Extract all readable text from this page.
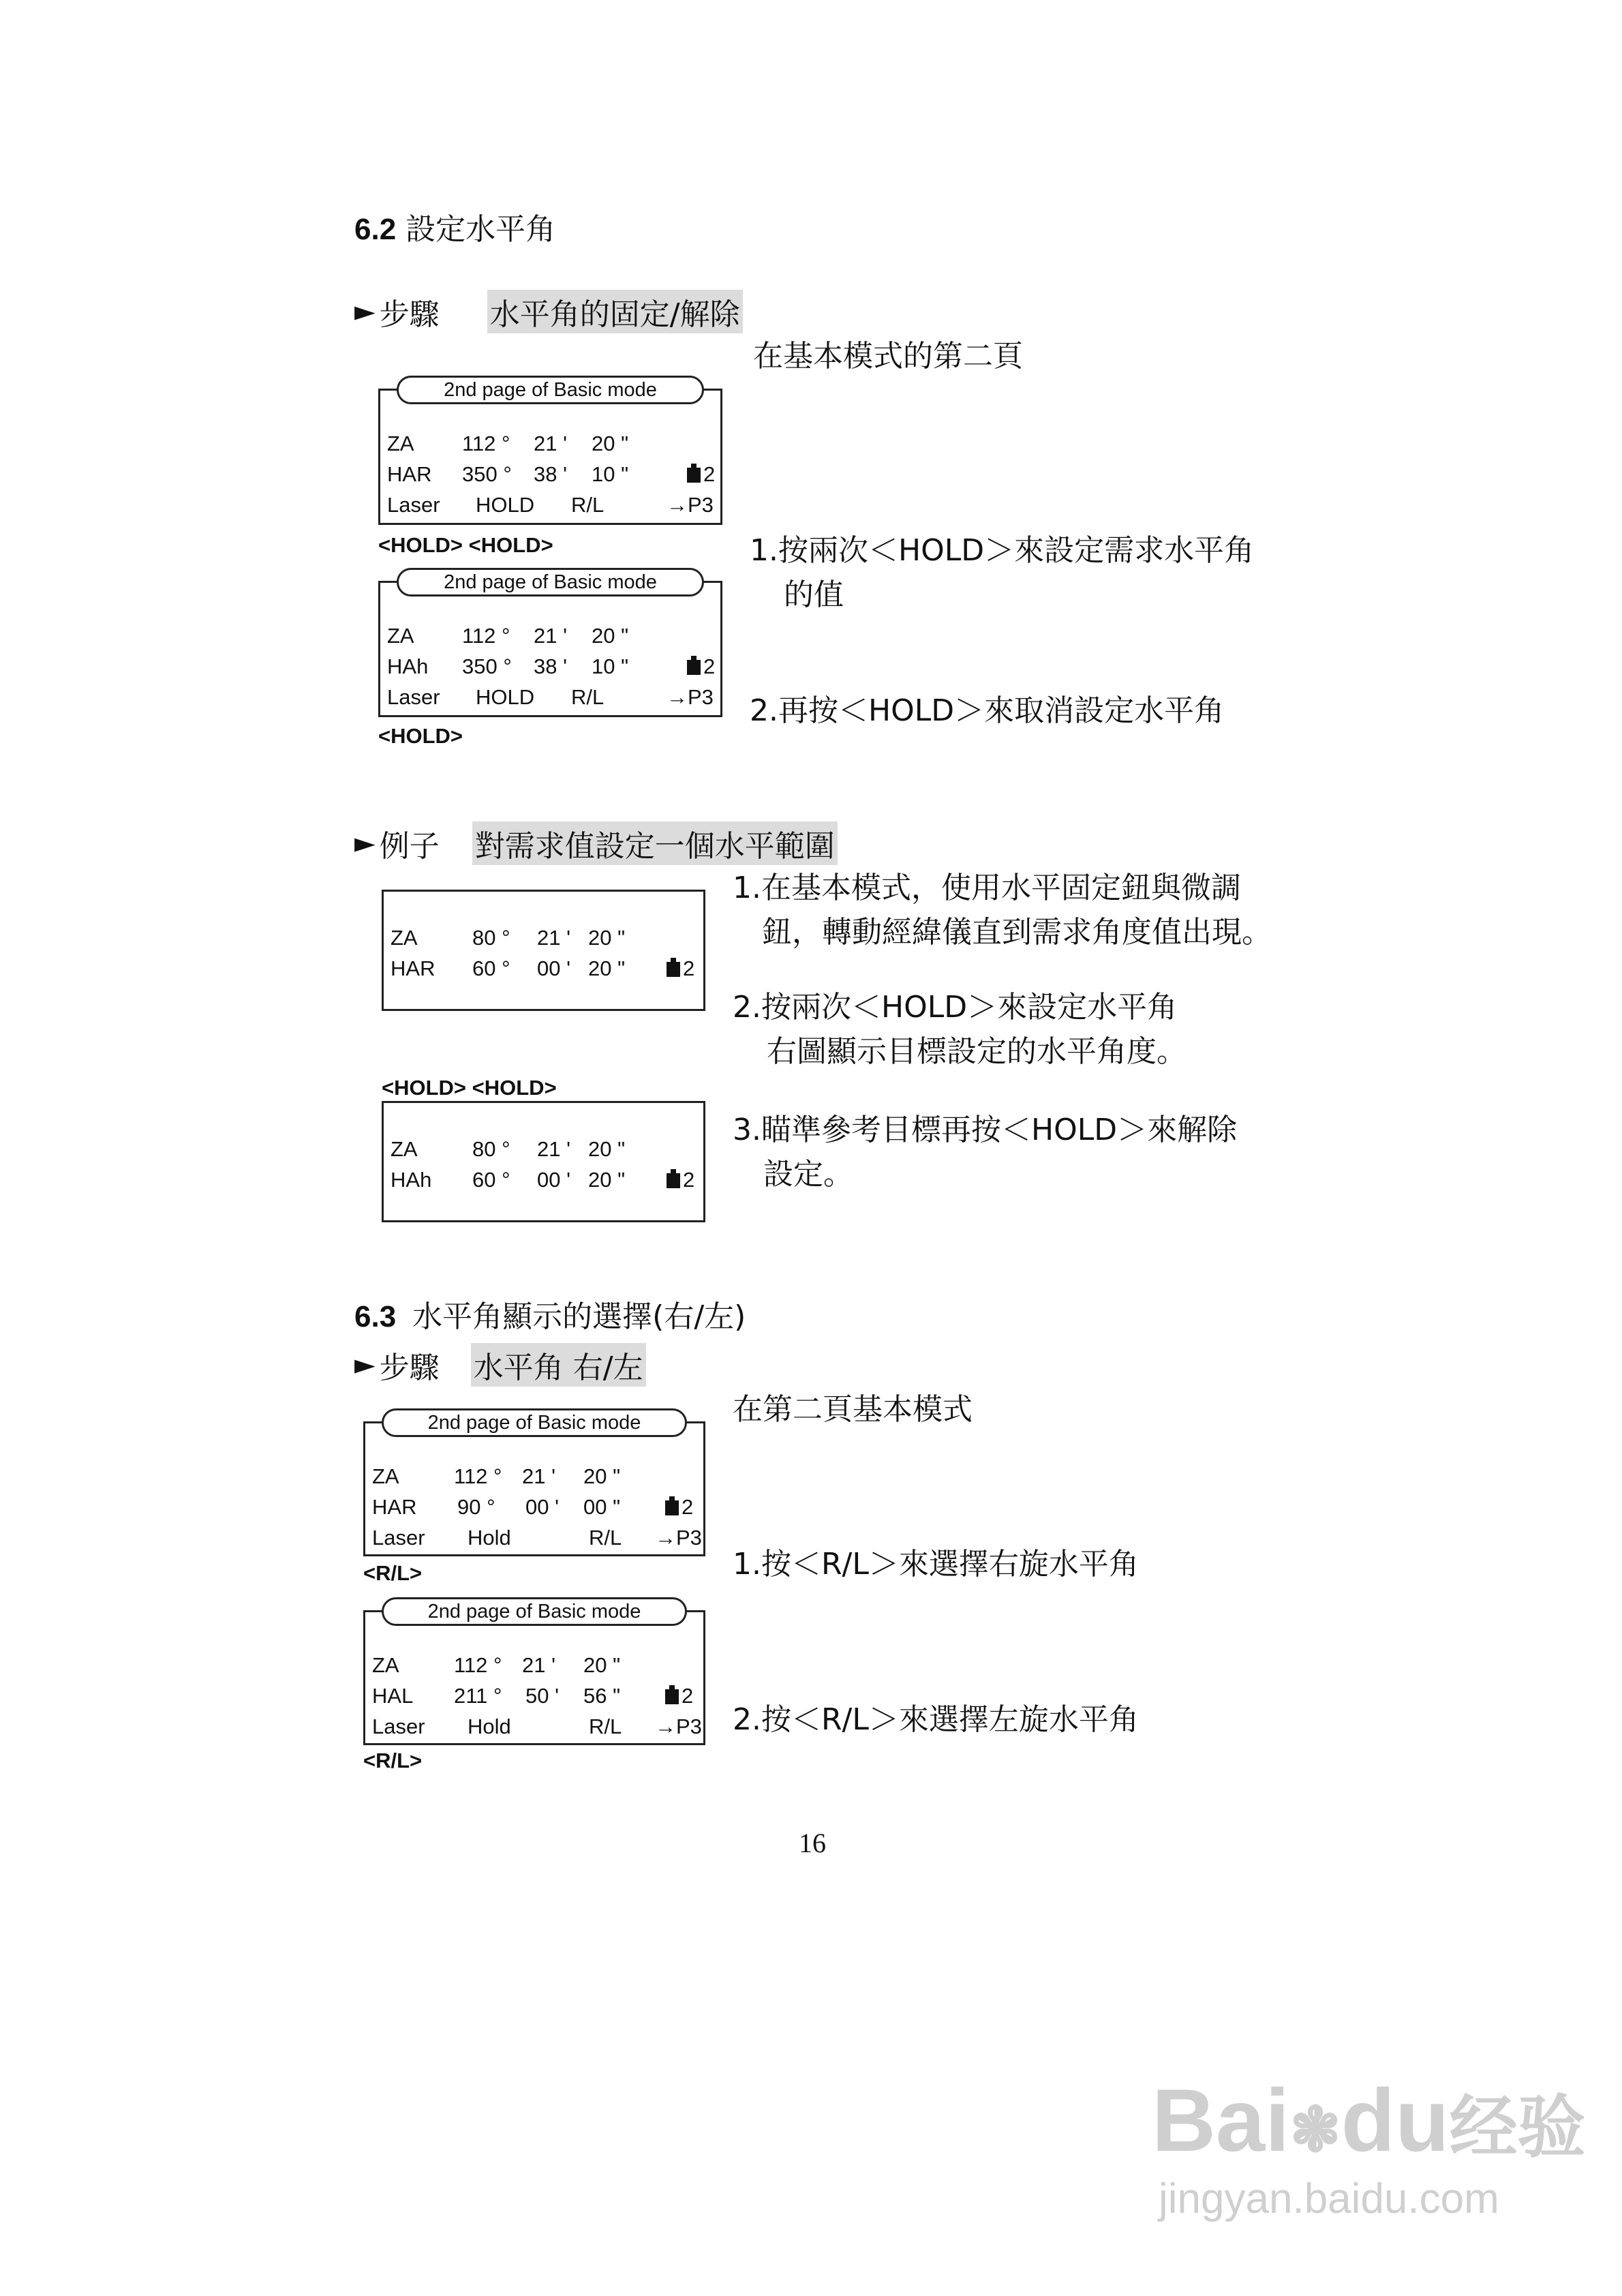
6.2 設定水平角
► 步驟 水平角的固定/解除
在基本模式的第二頁
1.按兩次＜HOLD＞來設定需求水平角
的值
2.再按＜HOLD＞來取消設定水平角
2nd page of Basic mode
ZA 112 ° 21 ' 20 "
HAR 350 ° 38 ' 10 "	2
Laser HOLD R/L	→P3
<HOLD> <HOLD>
2nd page of Basic mode
ZA 112 ° 21 ' 20 "
HAh 350 ° 38 ' 10 "	2
Laser HOLD R/L	→P3
<HOLD>
► 例子 對需求值設定一個水平範圍
1.在基本模式，使用水平固定鈕與微調
鈕，轉動經緯儀直到需求角度值出現。
2.按兩次＜HOLD＞來設定水平角
右圖顯示目標設定的水平角度。
3.瞄準參考目標再按＜HOLD＞來解除
設定。
ZA	80 ° 21 ' 20 "
HAR 60 ° 00 ' 20 "	2
<HOLD> <HOLD>
ZA	80 ° 21 ' 20 "
HAh 60 ° 00 ' 20 "	2
6.3 水平角顯示的選擇(右/左)
► 步驟 水平角 右/左
在第二頁基本模式
1.按＜R/L＞來選擇右旋水平角
2.按＜R/L＞來選擇左旋水平角
2nd page of Basic mode
ZA	112 ° 21 ' 20 "
HAR 90 ° 00 ' 00 "	2
Laser Hold	R/L →P3
<R/L>
2nd page of Basic mode
ZA	112 ° 21 ' 20 "
HAL 211 ° 50 ' 56 "	2
Laser Hold	R/L →P3
<R/L>
16
Bai❃du经验
jingyan.baidu.com
